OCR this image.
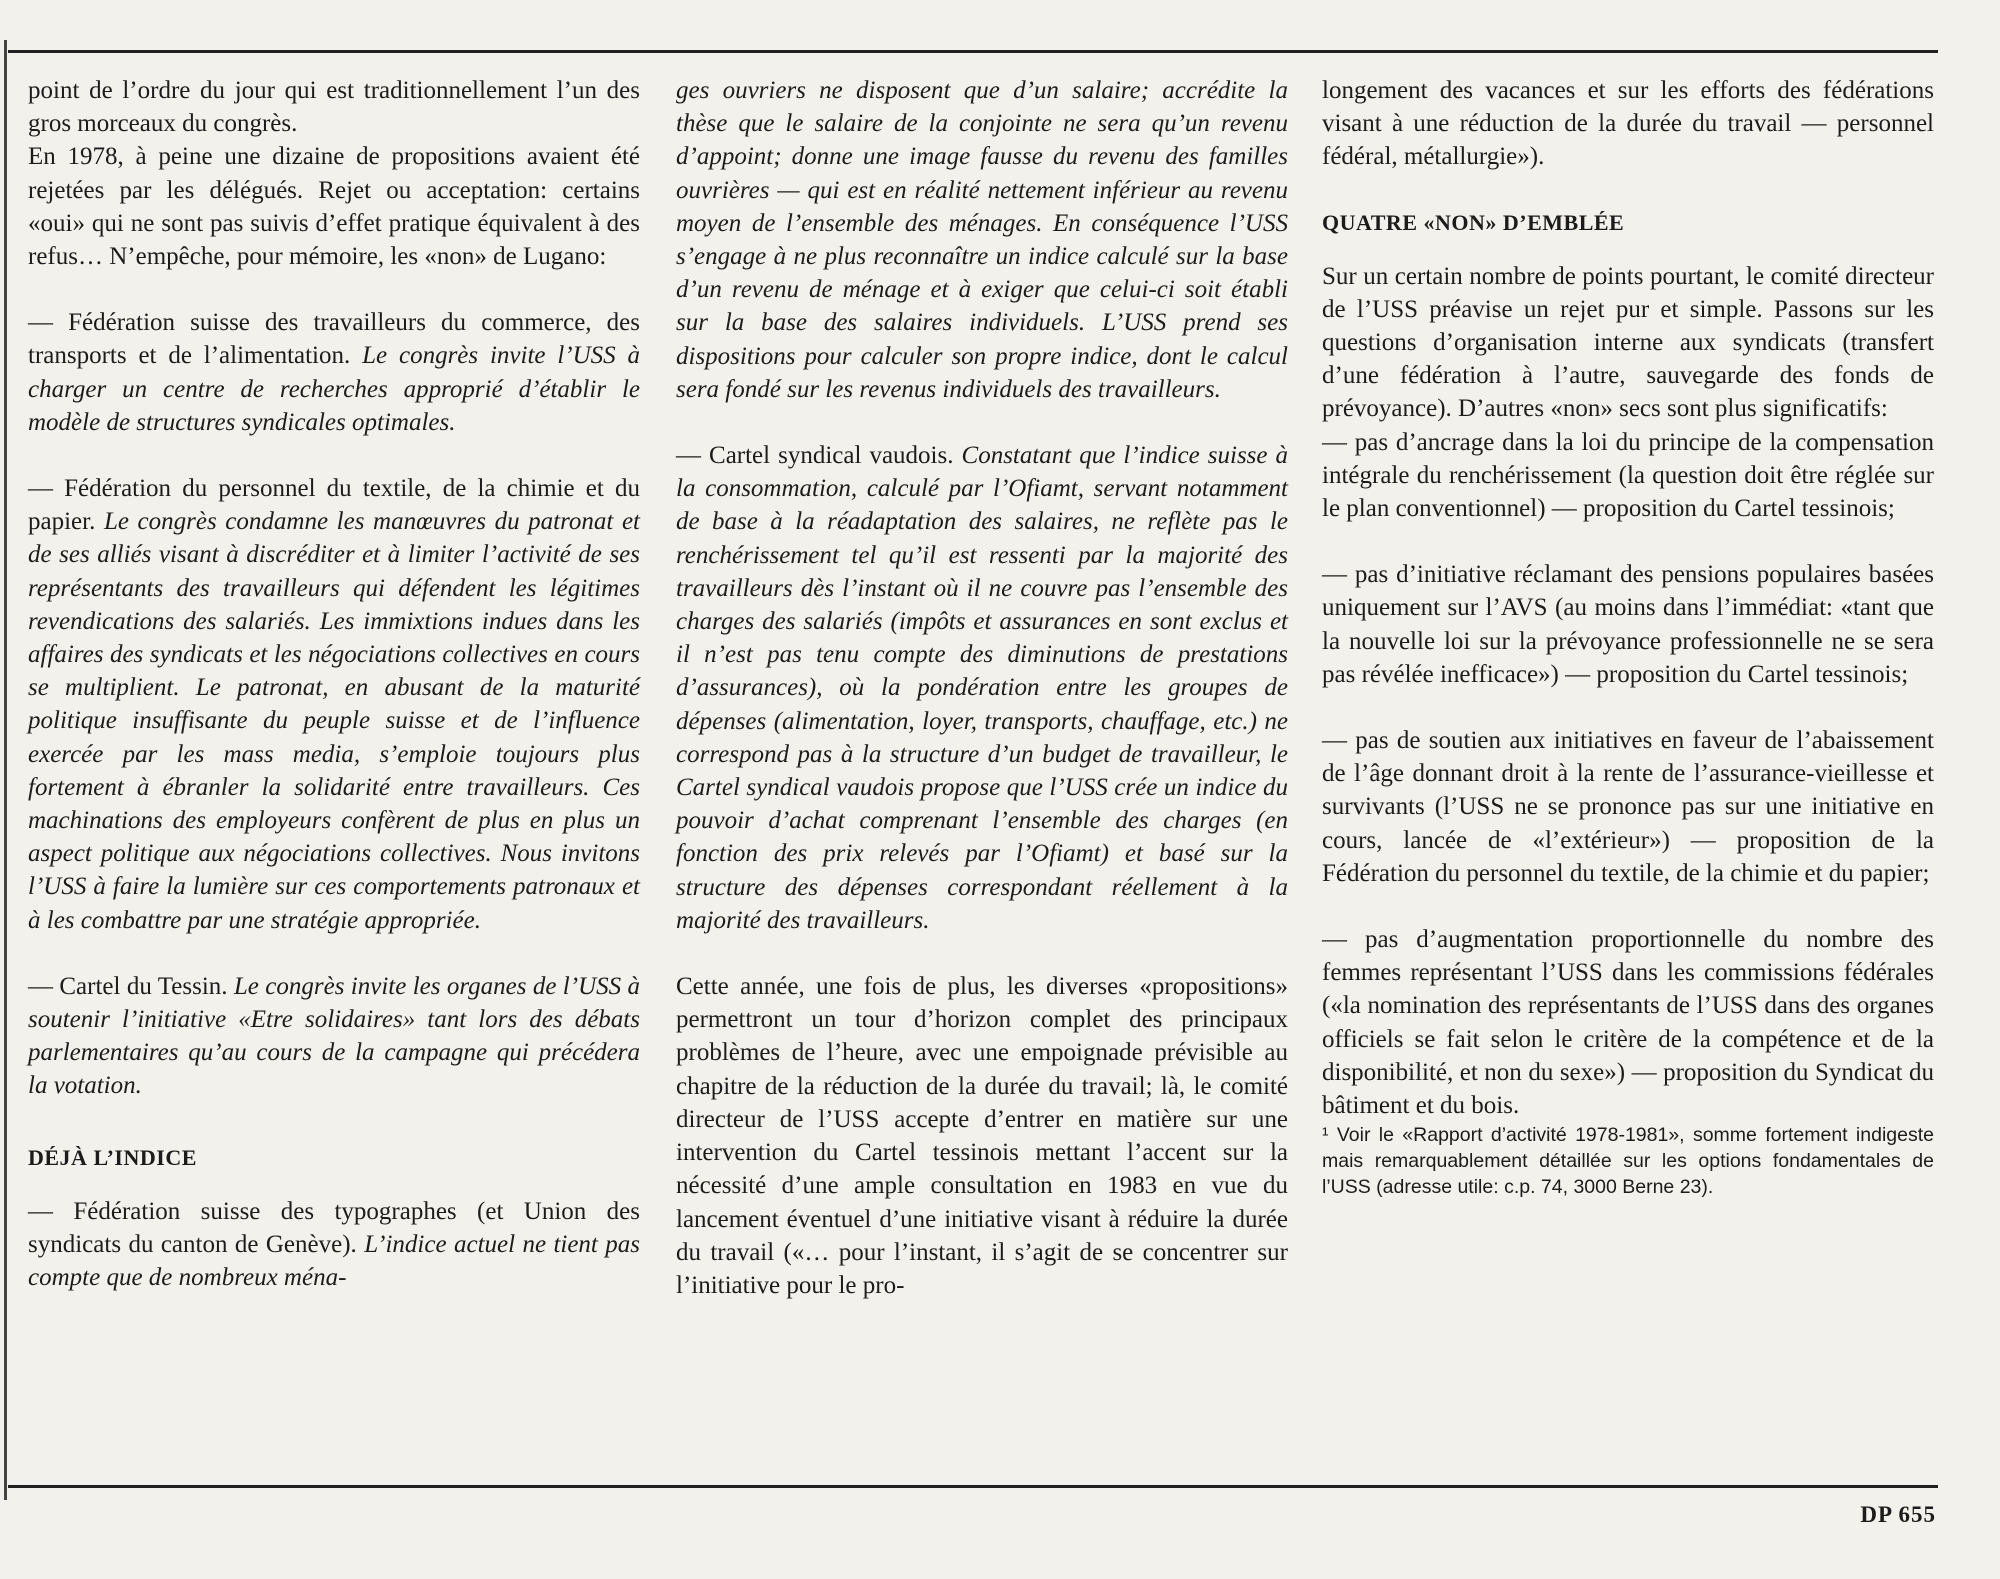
point de l’ordre du jour qui est traditionnellement l’un des gros morceaux du congrès.

En 1978, à peine une dizaine de propositions avaient été rejetées par les délégués. Rejet ou acceptation: certains «oui» qui ne sont pas suivis d’effet pratique équivalent à des refus… N’empêche, pour mémoire, les «non» de Lugano:

— Fédération suisse des travailleurs du commerce, des transports et de l’alimentation. Le congrès invite l’USS à charger un centre de recherches approprié d’établir le modèle de structures syndicales optimales.

— Fédération du personnel du textile, de la chimie et du papier. Le congrès condamne les manœuvres du patronat et de ses alliés visant à discréditer et à limiter l’activité de ses représentants des travailleurs qui défendent les légitimes revendications des salariés. Les immixtions indues dans les affaires des syndicats et les négociations collectives en cours se multiplient. Le patronat, en abusant de la maturité politique insuffisante du peuple suisse et de l’influence exercée par les mass media, s’emploie toujours plus fortement à ébranler la solidarité entre travailleurs. Ces machinations des employeurs confèrent de plus en plus un aspect politique aux négociations collectives. Nous invitons l’USS à faire la lumière sur ces comportements patronaux et à les combattre par une stratégie appropriée.

— Cartel du Tessin. Le congrès invite les organes de l’USS à soutenir l’initiative «Etre solidaires» tant lors des débats parlementaires qu’au cours de la campagne qui précédera la votation.

DÉJÀ L’INDICE

— Fédération suisse des typographes (et Union des syndicats du canton de Genève). L’indice actuel ne tient pas compte que de nombreux ména-

ges ouvriers ne disposent que d’un salaire; accrédite la thèse que le salaire de la conjointe ne sera qu’un revenu d’appoint; donne une image fausse du revenu des familles ouvrières — qui est en réalité nettement inférieur au revenu moyen de l’ensemble des ménages. En conséquence l’USS s’engage à ne plus reconnaître un indice calculé sur la base d’un revenu de ménage et à exiger que celui-ci soit établi sur la base des salaires individuels. L’USS prend ses dispositions pour calculer son propre indice, dont le calcul sera fondé sur les revenus individuels des travailleurs.

— Cartel syndical vaudois. Constatant que l’indice suisse à la consommation, calculé par l’Ofiamt, servant notamment de base à la réadaptation des salaires, ne reflète pas le renchérissement tel qu’il est ressenti par la majorité des travailleurs dès l’instant où il ne couvre pas l’ensemble des charges des salariés (impôts et assurances en sont exclus et il n’est pas tenu compte des diminutions de prestations d’assurances), où la pondération entre les groupes de dépenses (alimentation, loyer, transports, chauffage, etc.) ne correspond pas à la structure d’un budget de travailleur, le Cartel syndical vaudois propose que l’USS crée un indice du pouvoir d’achat comprenant l’ensemble des charges (en fonction des prix relevés par l’Ofiamt) et basé sur la structure des dépenses correspondant réellement à la majorité des travailleurs.

Cette année, une fois de plus, les diverses «propositions» permettront un tour d’horizon complet des principaux problèmes de l’heure, avec une empoignade prévisible au chapitre de la réduction de la durée du travail; là, le comité directeur de l’USS accepte d’entrer en matière sur une intervention du Cartel tessinois mettant l’accent sur la nécessité d’une ample consultation en 1983 en vue du lancement éventuel d’une initiative visant à réduire la durée du travail («… pour l’instant, il s’agit de se concentrer sur l’initiative pour le pro-

longement des vacances et sur les efforts des fédérations visant à une réduction de la durée du travail — personnel fédéral, métallurgie»).

QUATRE «NON» D’EMBLÉE

Sur un certain nombre de points pourtant, le comité directeur de l’USS préavise un rejet pur et simple. Passons sur les questions d’organisation interne aux syndicats (transfert d’une fédération à l’autre, sauvegarde des fonds de prévoyance). D’autres «non» secs sont plus significatifs:

— pas d’ancrage dans la loi du principe de la compensation intégrale du renchérissement (la question doit être réglée sur le plan conventionnel) — proposition du Cartel tessinois;

— pas d’initiative réclamant des pensions populaires basées uniquement sur l’AVS (au moins dans l’immédiat: «tant que la nouvelle loi sur la prévoyance professionnelle ne se sera pas révélée inefficace») — proposition du Cartel tessinois;

— pas de soutien aux initiatives en faveur de l’abaissement de l’âge donnant droit à la rente de l’assurance-vieillesse et survivants (l’USS ne se prononce pas sur une initiative en cours, lancée de «l’extérieur») — proposition de la Fédération du personnel du textile, de la chimie et du papier;

— pas d’augmentation proportionnelle du nombre des femmes représentant l’USS dans les commissions fédérales («la nomination des représentants de l’USS dans des organes officiels se fait selon le critère de la compétence et de la disponibilité, et non du sexe») — proposition du Syndicat du bâtiment et du bois.

¹ Voir le «Rapport d’activité 1978-1981», somme fortement indigeste mais remarquablement détaillée sur les options fondamentales de l’USS (adresse utile: c.p. 74, 3000 Berne 23).

DP 655
